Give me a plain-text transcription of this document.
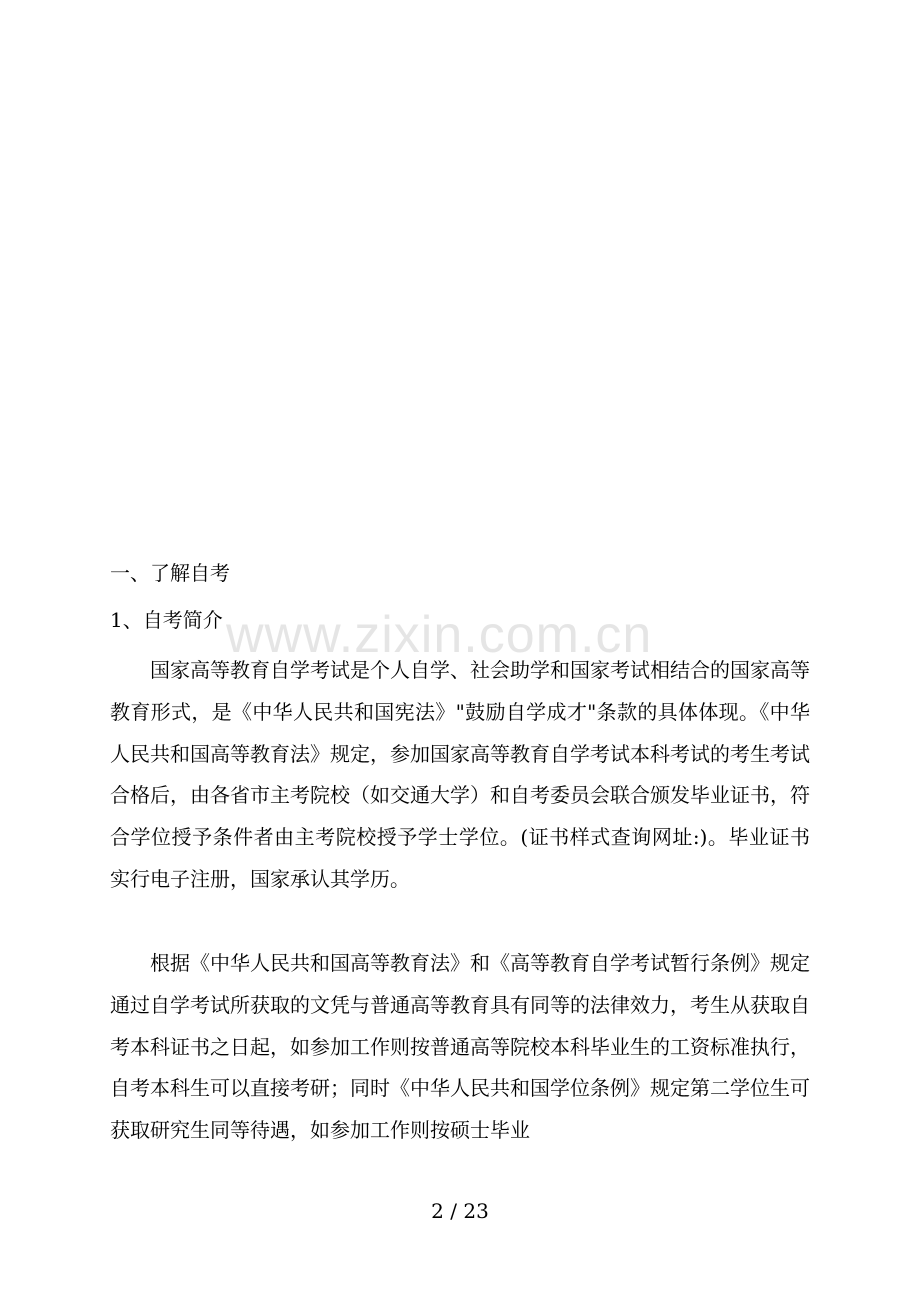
www.zixin.com.cn
一、了解自考
1、自考简介

国家高等教育自学考试是个人自学、社会助学和国家考试相结合的国家高等教育形式，是《中华人民共和国宪法》"鼓励自学成才"条款的具体体现。《中华人民共和国高等教育法》规定，参加国家高等教育自学考试本科考试的考生考试合格后，由各省市主考院校（如交通大学）和自考委员会联合颁发毕业证书，符合学位授予条件者由主考院校授予学士学位。(证书样式查询网址:)。毕业证书实行电子注册，国家承认其学历。

根据《中华人民共和国高等教育法》和《高等教育自学考试暂行条例》规定通过自学考试所获取的文凭与普通高等教育具有同等的法律效力，考生从获取自考本科证书之日起，如参加工作则按普通高等院校本科毕业生的工资标准执行，自考本科生可以直接考研；同时《中华人民共和国学位条例》规定第二学位生可获取研究生同等待遇，如参加工作则按硕士毕业

2 / 23
